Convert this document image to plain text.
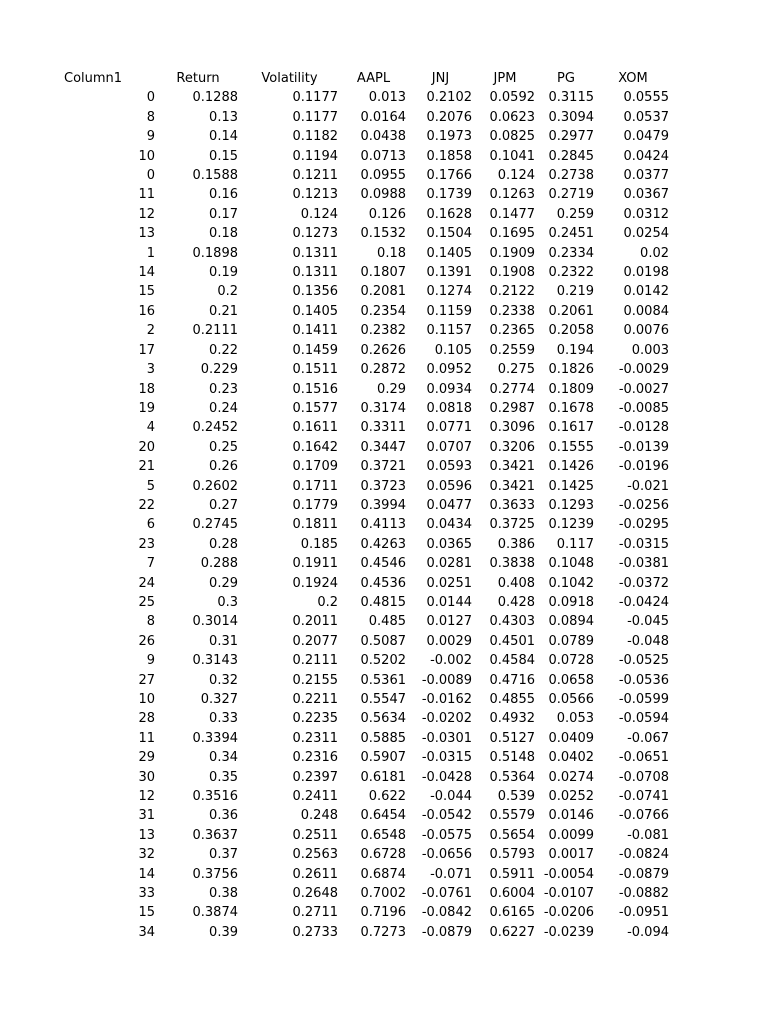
Column1	Return	Volatility	AAPL	JNJ	JPM	PG	XOM
0	0.1288	0.1177	0.013	0.2102	0.0592	0.3115	0.0555
8	0.13	0.1177	0.0164	0.2076	0.0623	0.3094	0.0537
9	0.14	0.1182	0.0438	0.1973	0.0825	0.2977	0.0479
10	0.15	0.1194	0.0713	0.1858	0.1041	0.2845	0.0424
0	0.1588	0.1211	0.0955	0.1766	0.124	0.2738	0.0377
11	0.16	0.1213	0.0988	0.1739	0.1263	0.2719	0.0367
12	0.17	0.124	0.126	0.1628	0.1477	0.259	0.0312
13	0.18	0.1273	0.1532	0.1504	0.1695	0.2451	0.0254
1	0.1898	0.1311	0.18	0.1405	0.1909	0.2334	0.02
14	0.19	0.1311	0.1807	0.1391	0.1908	0.2322	0.0198
15	0.2	0.1356	0.2081	0.1274	0.2122	0.219	0.0142
16	0.21	0.1405	0.2354	0.1159	0.2338	0.2061	0.0084
2	0.2111	0.1411	0.2382	0.1157	0.2365	0.2058	0.0076
17	0.22	0.1459	0.2626	0.105	0.2559	0.194	0.003
3	0.229	0.1511	0.2872	0.0952	0.275	0.1826	-0.0029
18	0.23	0.1516	0.29	0.0934	0.2774	0.1809	-0.0027
19	0.24	0.1577	0.3174	0.0818	0.2987	0.1678	-0.0085
4	0.2452	0.1611	0.3311	0.0771	0.3096	0.1617	-0.0128
20	0.25	0.1642	0.3447	0.0707	0.3206	0.1555	-0.0139
21	0.26	0.1709	0.3721	0.0593	0.3421	0.1426	-0.0196
5	0.2602	0.1711	0.3723	0.0596	0.3421	0.1425	-0.021
22	0.27	0.1779	0.3994	0.0477	0.3633	0.1293	-0.0256
6	0.2745	0.1811	0.4113	0.0434	0.3725	0.1239	-0.0295
23	0.28	0.185	0.4263	0.0365	0.386	0.117	-0.0315
7	0.288	0.1911	0.4546	0.0281	0.3838	0.1048	-0.0381
24	0.29	0.1924	0.4536	0.0251	0.408	0.1042	-0.0372
25	0.3	0.2	0.4815	0.0144	0.428	0.0918	-0.0424
8	0.3014	0.2011	0.485	0.0127	0.4303	0.0894	-0.045
26	0.31	0.2077	0.5087	0.0029	0.4501	0.0789	-0.048
9	0.3143	0.2111	0.5202	-0.002	0.4584	0.0728	-0.0525
27	0.32	0.2155	0.5361	-0.0089	0.4716	0.0658	-0.0536
10	0.327	0.2211	0.5547	-0.0162	0.4855	0.0566	-0.0599
28	0.33	0.2235	0.5634	-0.0202	0.4932	0.053	-0.0594
11	0.3394	0.2311	0.5885	-0.0301	0.5127	0.0409	-0.067
29	0.34	0.2316	0.5907	-0.0315	0.5148	0.0402	-0.0651
30	0.35	0.2397	0.6181	-0.0428	0.5364	0.0274	-0.0708
12	0.3516	0.2411	0.622	-0.044	0.539	0.0252	-0.0741
31	0.36	0.248	0.6454	-0.0542	0.5579	0.0146	-0.0766
13	0.3637	0.2511	0.6548	-0.0575	0.5654	0.0099	-0.081
32	0.37	0.2563	0.6728	-0.0656	0.5793	0.0017	-0.0824
14	0.3756	0.2611	0.6874	-0.071	0.5911	-0.0054	-0.0879
33	0.38	0.2648	0.7002	-0.0761	0.6004	-0.0107	-0.0882
15	0.3874	0.2711	0.7196	-0.0842	0.6165	-0.0206	-0.0951
34	0.39	0.2733	0.7273	-0.0879	0.6227	-0.0239	-0.094
